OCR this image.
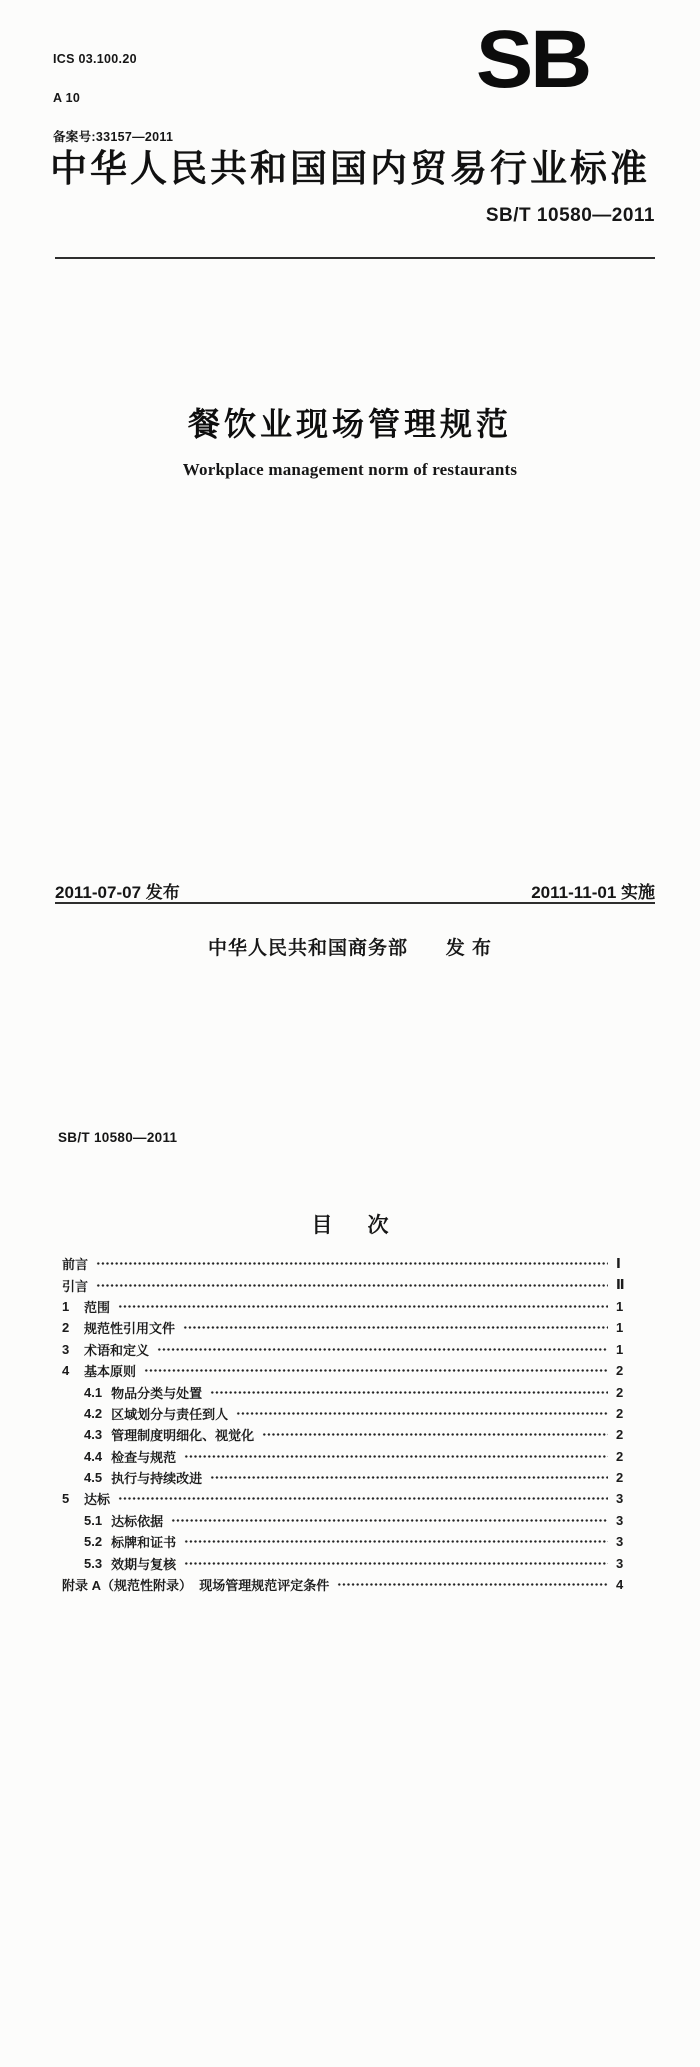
ICS 03.100.20

A 10

备案号:33157—2011

SB
中华人民共和国国内贸易行业标准
SB/T 10580—2011
餐饮业现场管理规范
Workplace management norm of restaurants
2011-07-07 发布	2011-11-01 实施
中华人民共和国商务部      发 布
SB/T 10580—2011
目      次
前言	Ⅰ
引言	Ⅱ
1	范围	1
2	规范性引用文件	1
3	术语和定义	1
4	基本原则	2
4.1 物品分类与处置	2
4.2 区域划分与责任到人	2
4.3 管理制度明细化、视觉化	2
4.4 检查与规范	2
4.5 执行与持续改进	2
5	达标	3
5.1 达标依据	3
5.2 标牌和证书	3
5.3 效期与复核	3
附录 A（规范性附录）  现场管理规范评定条件	4
